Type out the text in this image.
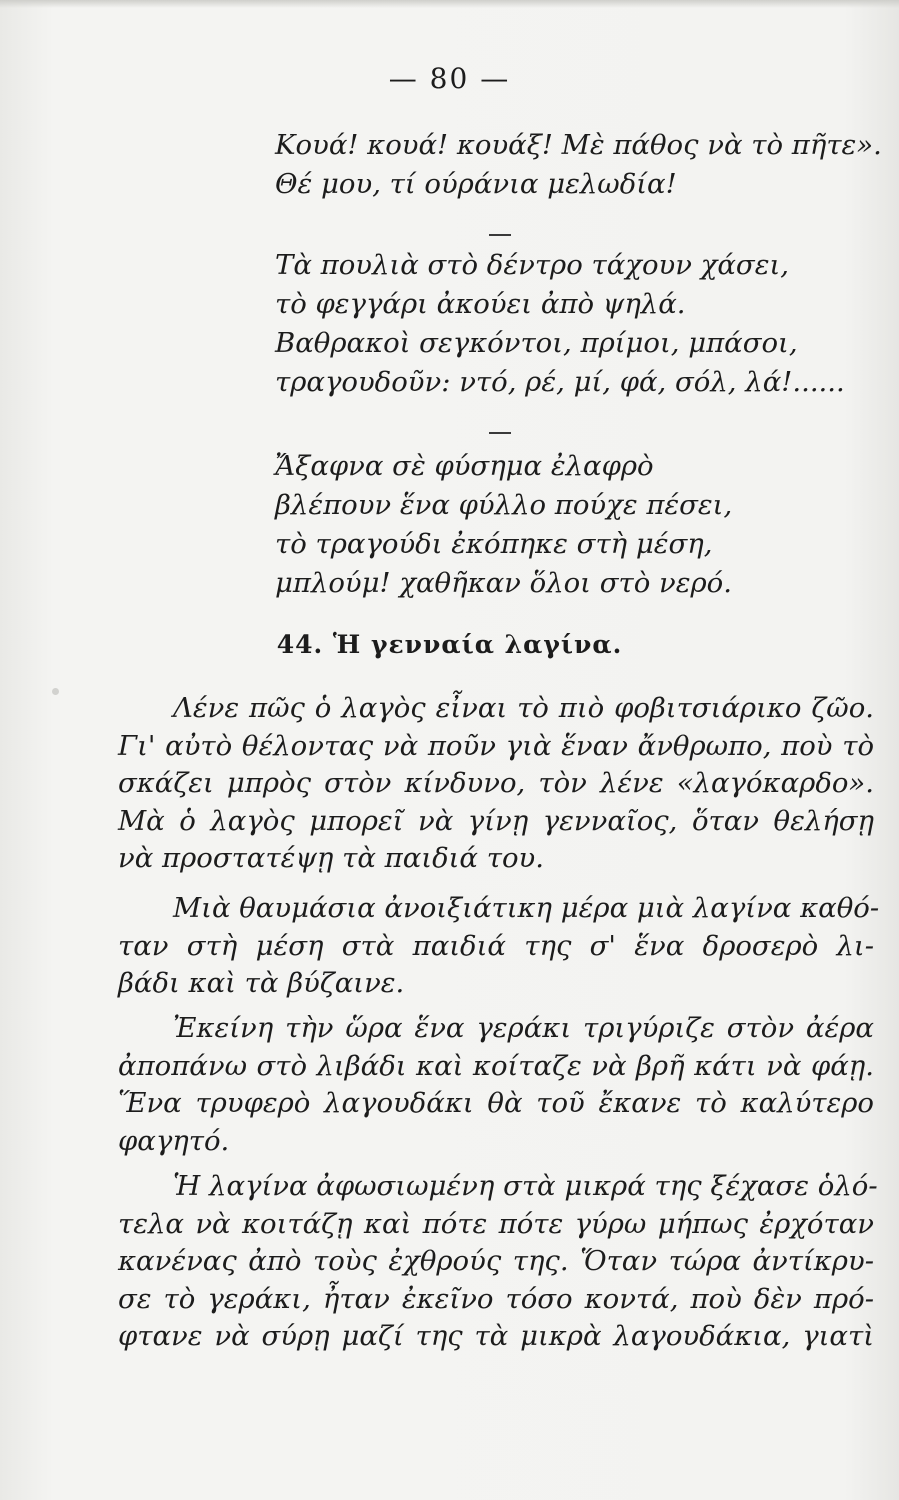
— 80 —
Κουά! κουά! κουάξ! Μὲ πάθος νὰ τὸ πῆτε».
Θέ μου, τί ούράνια μελωδία!
Τὰ πουλιὰ στὸ δέντρο τάχουν χάσει,
τὸ φεγγάρι ἀκούει ἀπὸ ψηλά.
Βαθρακοὶ σεγκόντοι, πρίμοι, μπάσοι,
τραγουδοῦν: ντό, ρέ, μί, φά, σόλ, λά!......
Ἄξαφνα σὲ φύσημα ἐλαφρὸ
βλέπουν ἕνα φύλλο πούχε πέσει,
τὸ τραγούδι ἐκόπηκε στὴ μέση,
μπλούμ! χαθῆκαν ὅλοι στὸ νερό.
44. Ἡ γενναία λαγίνα.
Λένε πῶς ὁ λαγὸς εἶναι τὸ πιὸ φοβιτσιάρικο ζῶο.
Γι' αὐτὸ θέλοντας νὰ ποῦν γιὰ ἕναν ἄνθρωπο, ποὺ τὸ
σκάζει μπρὸς στὸν κίνδυνο, τὸν λένε «λαγόκαρδο».
Μὰ ὁ λαγὸς μπορεῖ νὰ γίνῃ γενναῖος, ὅταν θελήσῃ
νὰ προστατέψῃ τὰ παιδιά του.
Μιὰ θαυμάσια ἀνοιξιάτικη μέρα μιὰ λαγίνα καθό-
ταν στὴ μέση στὰ παιδιά της σ' ἕνα δροσερὸ λι-
βάδι καὶ τὰ βύζαινε.
Ἐκείνη τὴν ὥρα ἕνα γεράκι τριγύριζε στὸν ἀέρα
ἀποπάνω στὸ λιβάδι καὶ κοίταζε νὰ βρῆ κάτι νὰ φάῃ.
Ἕνα τρυφερὸ λαγουδάκι θὰ τοῦ ἔκανε τὸ καλύτερο
φαγητό.
Ἡ λαγίνα ἀφωσιωμένη στὰ μικρά της ξέχασε ὁλό-
τελα νὰ κοιτάζῃ καὶ πότε πότε γύρω μήπως ἐρχόταν
κανένας ἀπὸ τοὺς ἐχθρούς της. Ὅταν τώρα ἀντίκρυ-
σε τὸ γεράκι, ἦταν ἐκεῖνο τόσο κοντά, ποὺ δὲν πρό-
φτανε νὰ σύρῃ μαζί της τὰ μικρὰ λαγουδάκια, γιατὶ
